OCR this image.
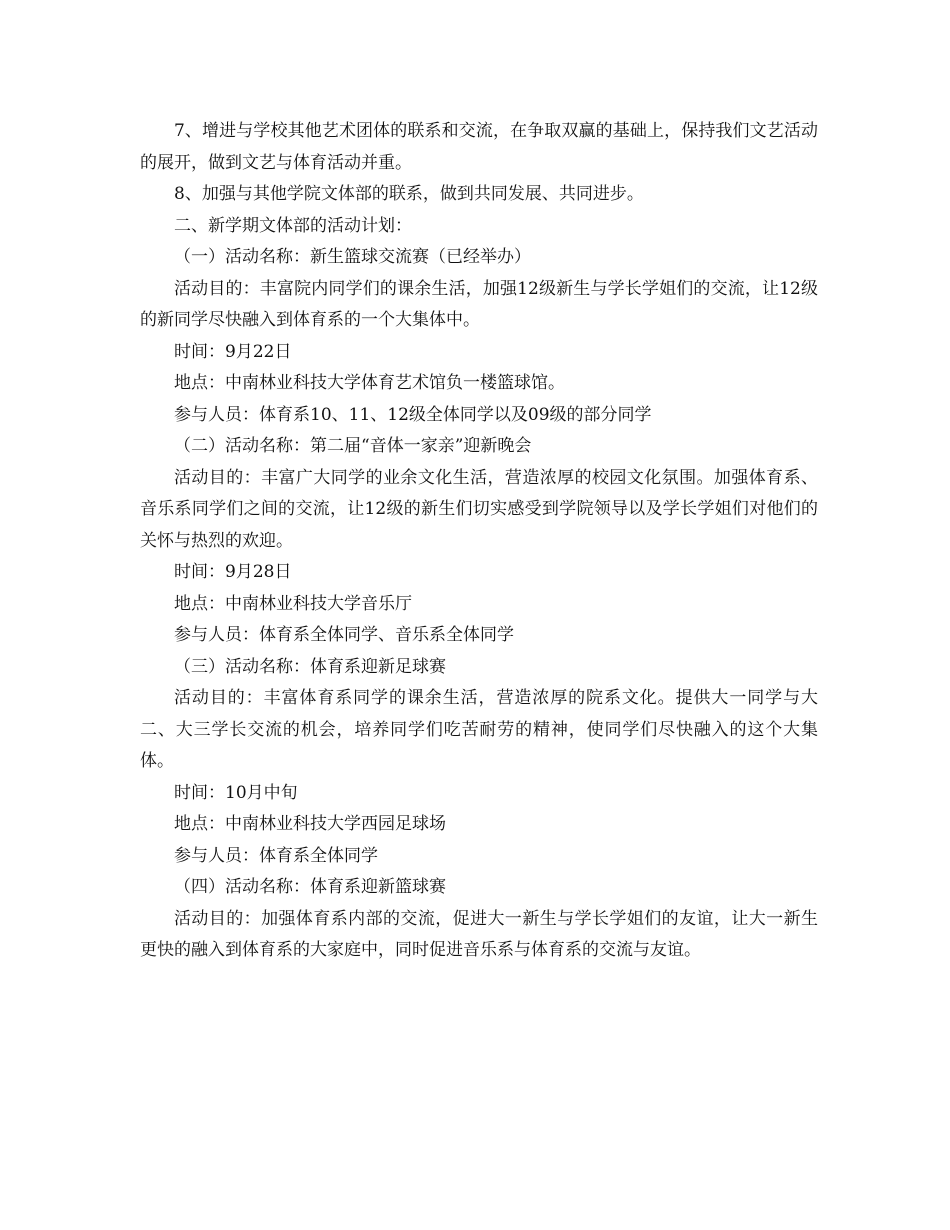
7、增进与学校其他艺术团体的联系和交流，在争取双赢的基础上，保持我们文艺活动的展开，做到文艺与体育活动并重。

8、加强与其他学院文体部的联系，做到共同发展、共同进步。

二、新学期文体部的活动计划：

（一）活动名称：新生篮球交流赛（已经举办）

活动目的：丰富院内同学们的课余生活，加强12级新生与学长学姐们的交流，让12级的新同学尽快融入到体育系的一个大集体中。

时间：9月22日

地点：中南林业科技大学体育艺术馆负一楼篮球馆。

参与人员：体育系10、11、12级全体同学以及09级的部分同学

（二）活动名称：第二届“音体一家亲”迎新晚会

活动目的：丰富广大同学的业余文化生活，营造浓厚的校园文化氛围。加强体育系、音乐系同学们之间的交流，让12级的新生们切实感受到学院领导以及学长学姐们对他们的关怀与热烈的欢迎。

时间：9月28日

地点：中南林业科技大学音乐厅

参与人员：体育系全体同学、音乐系全体同学

（三）活动名称：体育系迎新足球赛

活动目的：丰富体育系同学的课余生活，营造浓厚的院系文化。提供大一同学与大二、大三学长交流的机会，培养同学们吃苦耐劳的精神，使同学们尽快融入的这个大集体。

时间：10月中旬

地点：中南林业科技大学西园足球场

参与人员：体育系全体同学

（四）活动名称：体育系迎新篮球赛

活动目的：加强体育系内部的交流，促进大一新生与学长学姐们的友谊，让大一新生更快的融入到体育系的大家庭中，同时促进音乐系与体育系的交流与友谊。
